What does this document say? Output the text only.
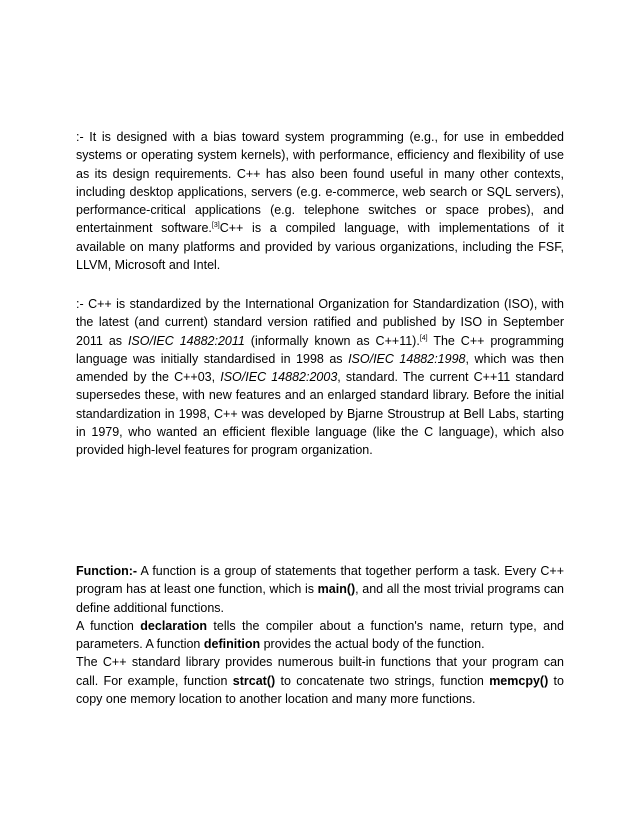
:- It is designed with a bias toward system programming (e.g., for use in embedded systems or operating system kernels), with performance, efficiency and flexibility of use as its design requirements. C++ has also been found useful in many other contexts, including desktop applications, servers (e.g. e-commerce, web search or SQL servers), performance-critical applications (e.g. telephone switches or space probes), and entertainment software.[3]C++ is a compiled language, with implementations of it available on many platforms and provided by various organizations, including the FSF, LLVM, Microsoft and Intel.

:- C++ is standardized by the International Organization for Standardization (ISO), with the latest (and current) standard version ratified and published by ISO in September 2011 as ISO/IEC 14882:2011 (informally known as C++11).[4] The C++ programming language was initially standardised in 1998 as ISO/IEC 14882:1998, which was then amended by the C++03, ISO/IEC 14882:2003, standard. The current C++11 standard supersedes these, with new features and an enlarged standard library. Before the initial standardization in 1998, C++ was developed by Bjarne Stroustrup at Bell Labs, starting in 1979, who wanted an efficient flexible language (like the C language), which also provided high-level features for program organization.

Function:- A function is a group of statements that together perform a task. Every C++ program has at least one function, which is main(), and all the most trivial programs can define additional functions.
A function declaration tells the compiler about a function's name, return type, and parameters. A function definition provides the actual body of the function.
The C++ standard library provides numerous built-in functions that your program can call. For example, function strcat() to concatenate two strings, function memcpy() to copy one memory location to another location and many more functions.
